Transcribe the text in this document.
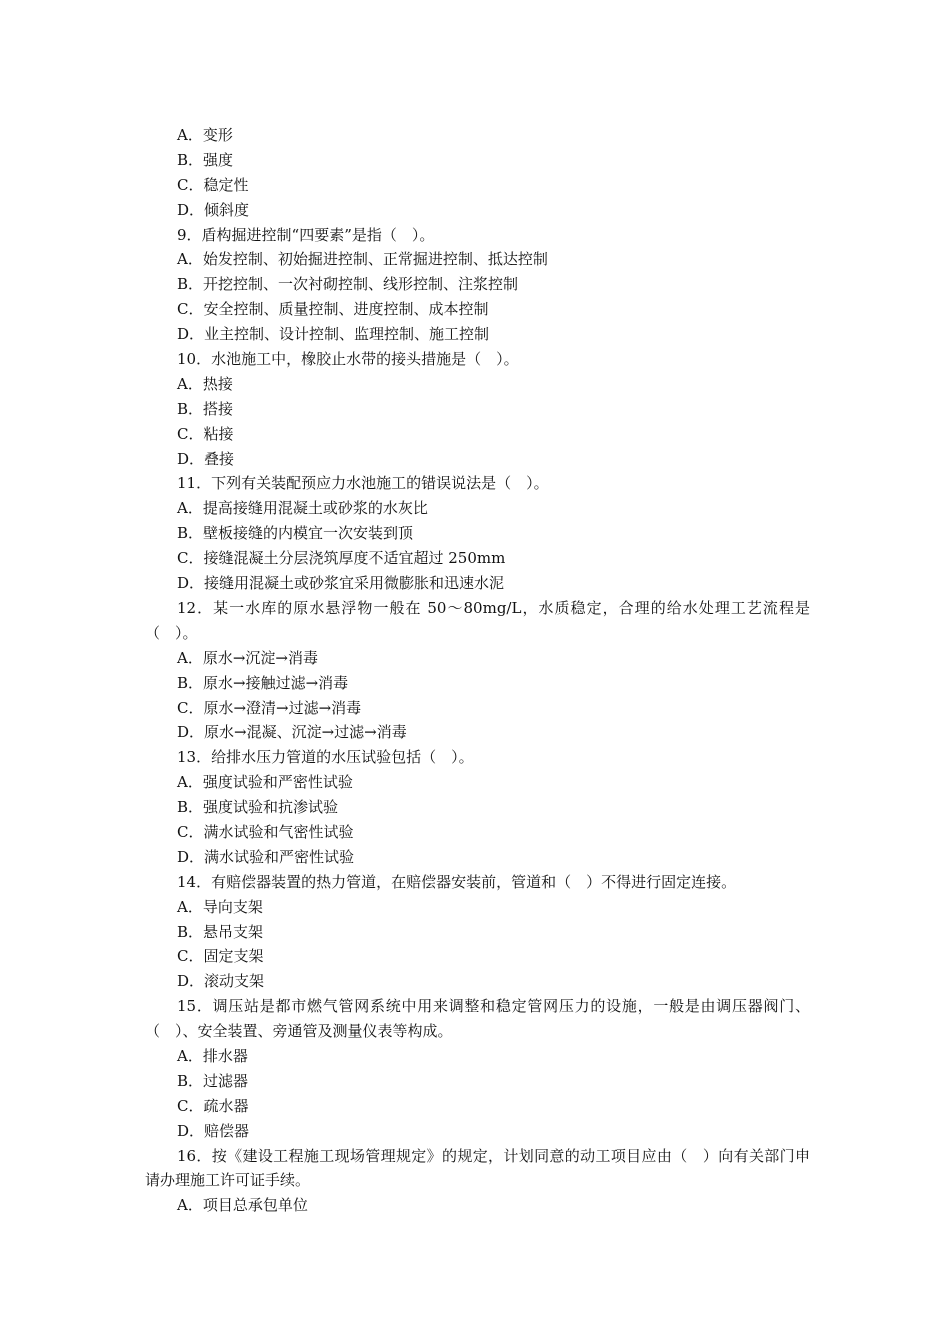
A．变形
B．强度
C．稳定性
D．倾斜度
9．盾构掘进控制“四要素”是指（　）。
A．始发控制、初始掘进控制、正常掘进控制、抵达控制
B．开挖控制、一次衬砌控制、线形控制、注浆控制
C．安全控制、质量控制、进度控制、成本控制
D．业主控制、设计控制、监理控制、施工控制
10．水池施工中，橡胶止水带的接头措施是（　）。
A．热接
B．搭接
C．粘接
D．叠接
11．下列有关装配预应力水池施工的错误说法是（　）。
A．提高接缝用混凝土或砂浆的水灰比
B．壁板接缝的内模宜一次安装到顶
C．接缝混凝土分层浇筑厚度不适宜超过 250mm
D．接缝用混凝土或砂浆宜采用微膨胀和迅速水泥
12．某一水库的原水悬浮物一般在 50～80mg/L，水质稳定，合理的给水处理工艺流程是（　）。
A．原水→沉淀→消毒
B．原水→接触过滤→消毒
C．原水→澄清→过滤→消毒
D．原水→混凝、沉淀→过滤→消毒
13．给排水压力管道的水压试验包括（　）。
A．强度试验和严密性试验
B．强度试验和抗渗试验
C．满水试验和气密性试验
D．满水试验和严密性试验
14．有赔偿器装置的热力管道，在赔偿器安装前，管道和（　）不得进行固定连接。
A．导向支架
B．悬吊支架
C．固定支架
D．滚动支架
15．调压站是都市燃气管网系统中用来调整和稳定管网压力的设施，一般是由调压器阀门、（　）、安全装置、旁通管及测量仪表等构成。
A．排水器
B．过滤器
C．疏水器
D．赔偿器
16．按《建设工程施工现场管理规定》的规定，计划同意的动工项目应由（　）向有关部门申请办理施工许可证手续。
A．项目总承包单位
